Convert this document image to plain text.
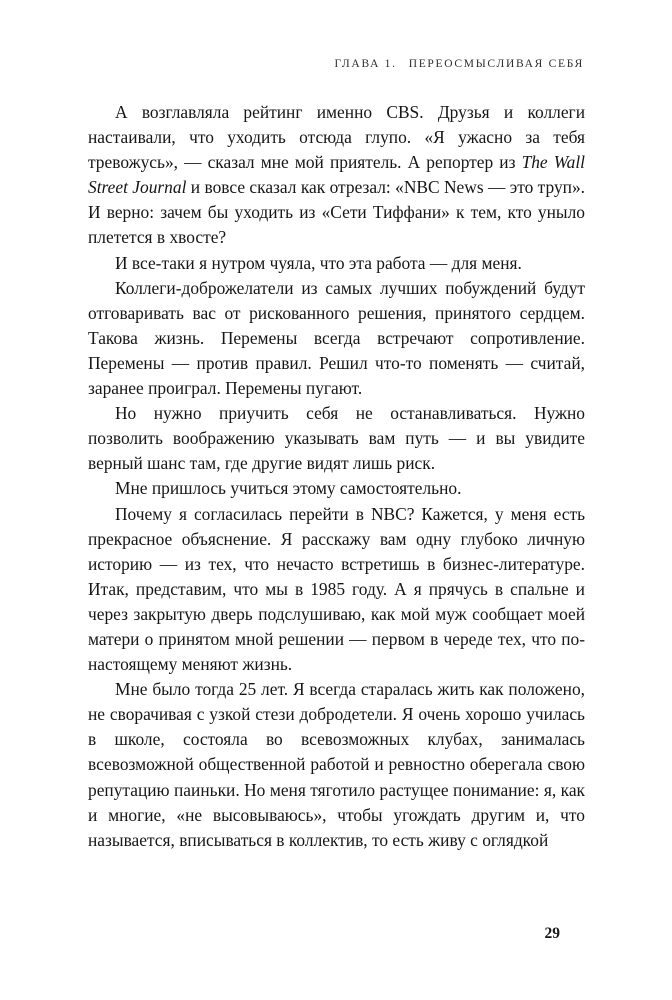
ГЛАВА 1. ПЕРЕОСМЫСЛИВАЯ СЕБЯ

А возглавляла рейтинг именно CBS. Друзья и коллеги настаивали, что уходить отсюда глупо. «Я ужасно за тебя тревожусь», — сказал мне мой приятель. А репортер из The Wall Street Journal и вовсе сказал как отрезал: «NBC News — это труп». И верно: зачем бы уходить из «Сети Тиффани» к тем, кто уныло плетется в хвосте?

И все-таки я нутром чуяла, что эта работа — для меня.

Коллеги-доброжелатели из самых лучших побуждений будут отговаривать вас от рискованного решения, принятого сердцем. Такова жизнь. Перемены всегда встречают сопротивление. Перемены — против правил. Решил что-то поменять — считай, заранее проиграл. Перемены пугают.

Но нужно приучить себя не останавливаться. Нужно позволить воображению указывать вам путь — и вы увидите верный шанс там, где другие видят лишь риск.

Мне пришлось учиться этому самостоятельно.

Почему я согласилась перейти в NBC? Кажется, у меня есть прекрасное объяснение. Я расскажу вам одну глубоко личную историю — из тех, что нечасто встретишь в бизнес-литературе. Итак, представим, что мы в 1985 году. А я прячусь в спальне и через закрытую дверь подслушиваю, как мой муж сообщает моей матери о принятом мной решении — первом в череде тех, что по-настоящему меняют жизнь.

Мне было тогда 25 лет. Я всегда старалась жить как положено, не сворачивая с узкой стези добродетели. Я очень хорошо училась в школе, состояла во всевозможных клубах, занималась всевозможной общественной работой и ревностно оберегала свою репутацию паиньки. Но меня тяготило растущее понимание: я, как и многие, «не высовываюсь», чтобы угождать другим и, что называется, вписываться в коллектив, то есть живу с оглядкой

29
